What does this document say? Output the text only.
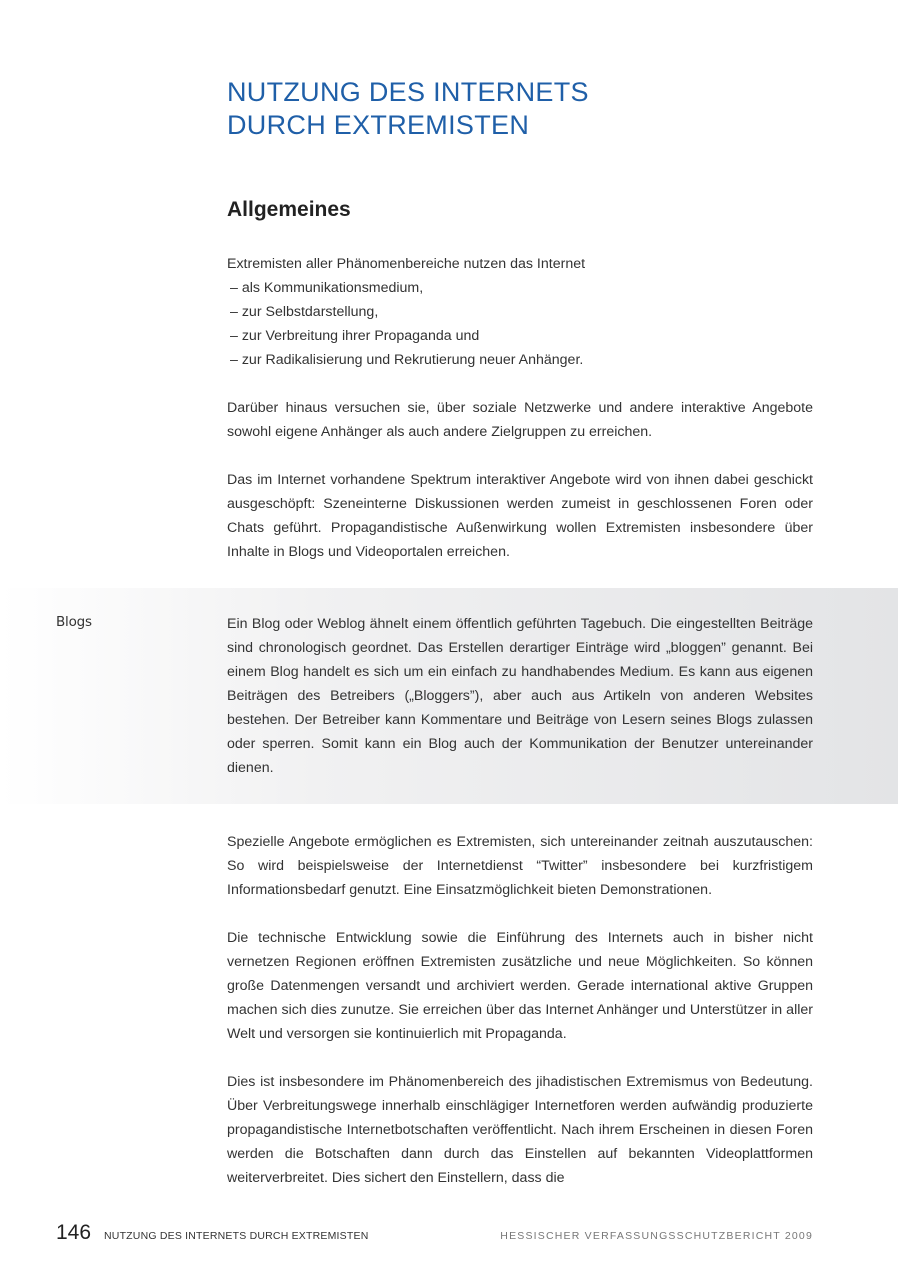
NUTZUNG DES INTERNETS
DURCH EXTREMISTEN
Allgemeines

Extremisten aller Phänomenbereiche nutzen das Internet

– als Kommunikationsmedium,
– zur Selbstdarstellung,
– zur Verbreitung ihrer Propaganda und
– zur Radikalisierung und Rekrutierung neuer Anhänger.

Darüber hinaus versuchen sie, über soziale Netzwerke und andere interaktive Angebote sowohl eigene Anhänger als auch andere Zielgruppen zu erreichen.

Das im Internet vorhandene Spektrum interaktiver Angebote wird von ihnen dabei geschickt ausgeschöpft: Szeneinterne Diskussionen werden zumeist in geschlossenen Foren oder Chats geführt. Propagandistische Außenwirkung wollen Extremisten insbesondere über Inhalte in Blogs und Videoportalen erreichen.

Blogs	Ein Blog oder Weblog ähnelt einem öffentlich geführten Tagebuch. Die eingestellten Beiträge sind chronologisch geordnet. Das Erstellen derartiger Einträge wird „bloggen” genannt. Bei einem Blog handelt es sich um ein einfach zu handhabendes Medium. Es kann aus eigenen Beiträgen des Betreibers („Bloggers”), aber auch aus Artikeln von anderen Websites bestehen. Der Betreiber kann Kommentare und Beiträge von Lesern seines Blogs zulassen oder sperren. Somit kann ein Blog auch der Kommunikation der Benutzer untereinander dienen.

Spezielle Angebote ermöglichen es Extremisten, sich untereinander zeitnah auszutauschen: So wird beispielsweise der Internetdienst “Twitter” insbesondere bei kurzfristigem Informationsbedarf genutzt. Eine Einsatzmöglichkeit bieten Demonstrationen.

Die technische Entwicklung sowie die Einführung des Internets auch in bisher nicht vernetzen Regionen eröffnen Extremisten zusätzliche und neue Möglichkeiten. So können große Datenmengen versandt und archiviert werden. Gerade international aktive Gruppen machen sich dies zunutze. Sie erreichen über das Internet Anhänger und Unterstützer in aller Welt und versorgen sie kontinuierlich mit Propaganda.

Dies ist insbesondere im Phänomenbereich des jihadistischen Extremismus von Bedeutung. Über Verbreitungswege innerhalb einschlägiger Internetforen werden aufwändig produzierte propagandistische Internetbotschaften veröffentlicht. Nach ihrem Erscheinen in diesen Foren werden die Botschaften dann durch das Einstellen auf bekannten Videoplattformen weiterverbreitet. Dies sichert den Einstellern, dass die

146 NUTZUNG DES INTERNETS DURCH EXTREMISTEN	HESSISCHER VERFASSUNGSSCHUTZBERICHT 2009
